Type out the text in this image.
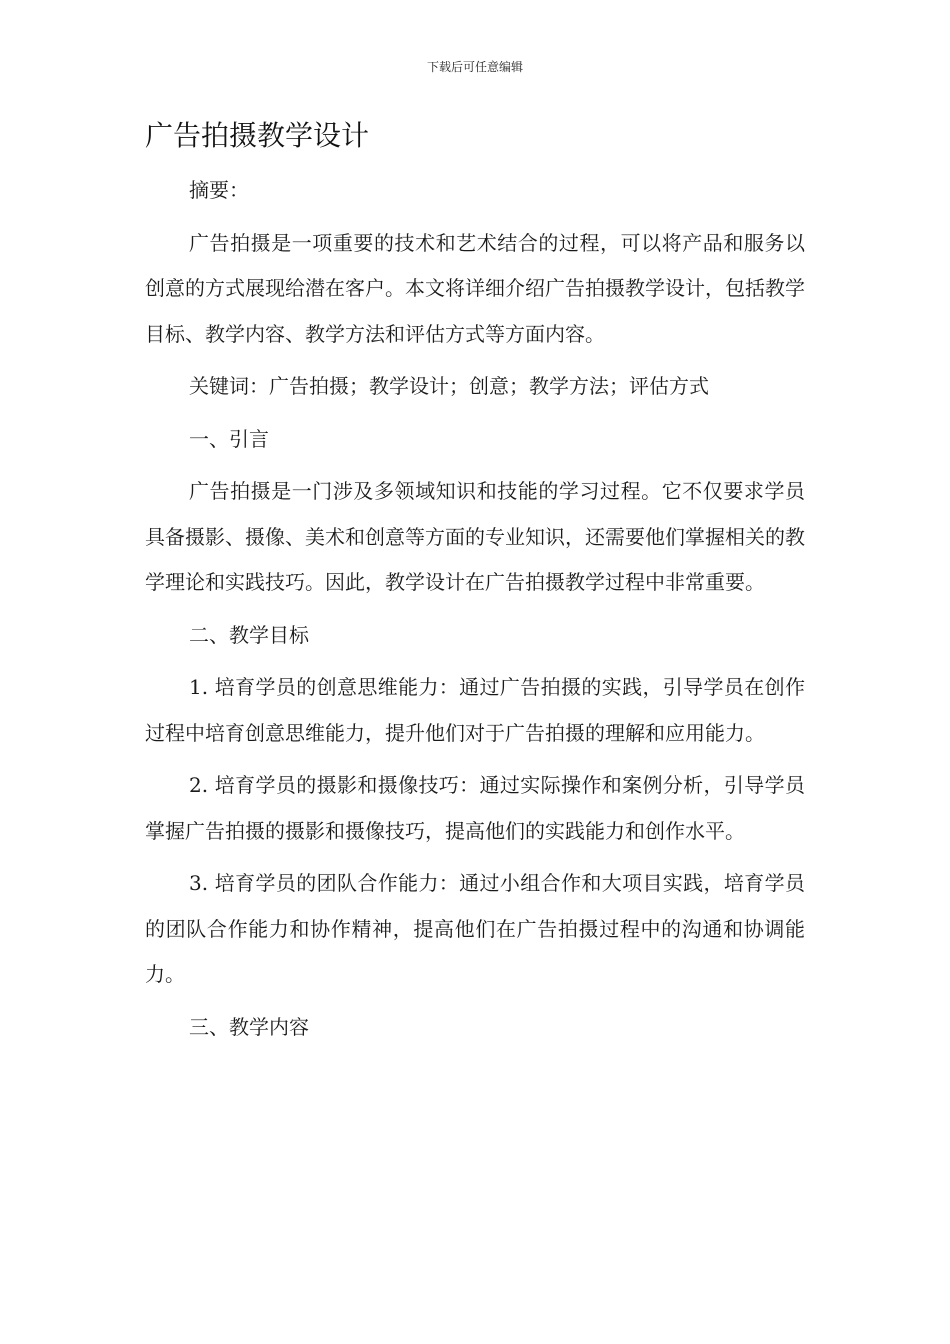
下载后可任意编辑
广告拍摄教学设计

摘要：

广告拍摄是一项重要的技术和艺术结合的过程，可以将产品和服务以创意的方式展现给潜在客户。本文将详细介绍广告拍摄教学设计，包括教学目标、教学内容、教学方法和评估方式等方面内容。

关键词：广告拍摄；教学设计；创意；教学方法；评估方式

一、引言

广告拍摄是一门涉及多领域知识和技能的学习过程。它不仅要求学员具备摄影、摄像、美术和创意等方面的专业知识，还需要他们掌握相关的教学理论和实践技巧。因此，教学设计在广告拍摄教学过程中非常重要。

二、教学目标

1. 培育学员的创意思维能力：通过广告拍摄的实践，引导学员在创作过程中培育创意思维能力，提升他们对于广告拍摄的理解和应用能力。

2. 培育学员的摄影和摄像技巧：通过实际操作和案例分析，引导学员掌握广告拍摄的摄影和摄像技巧，提高他们的实践能力和创作水平。

3. 培育学员的团队合作能力：通过小组合作和大项目实践，培育学员的团队合作能力和协作精神，提高他们在广告拍摄过程中的沟通和协调能力。

三、教学内容
